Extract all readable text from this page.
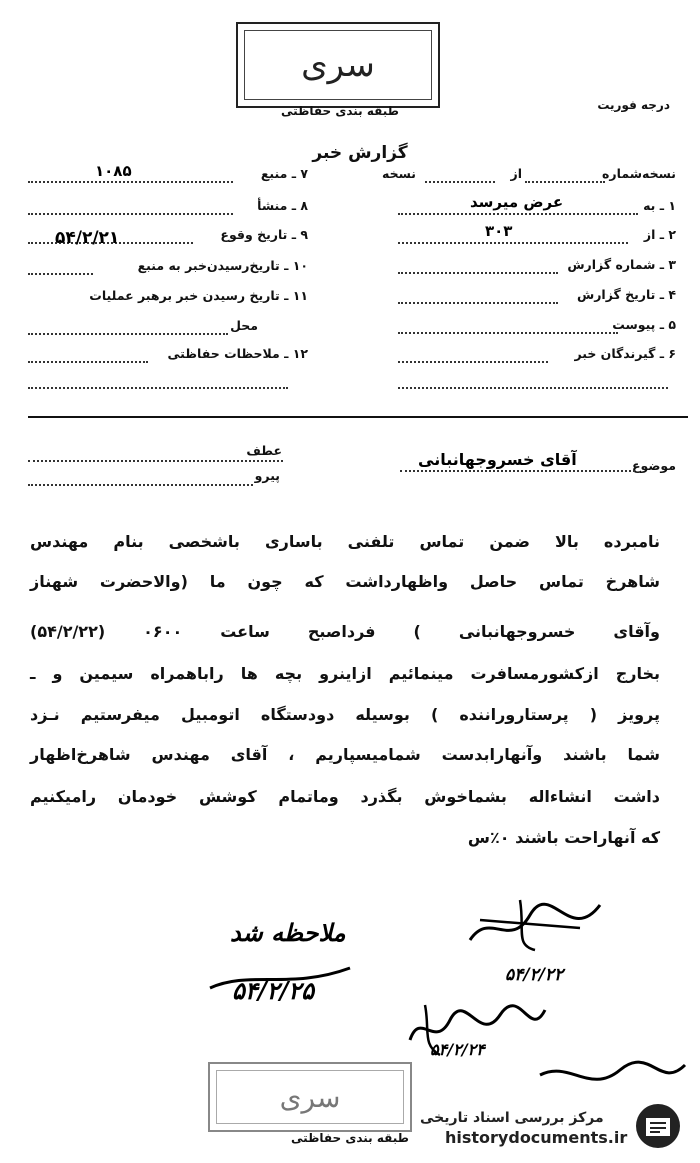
سری
طبقه بندی حفاظتی	درجه فوریت
گزارش خبر
نسخه‌شماره
از
نسخه
۱ ـ به
عرض میرسد
۲ ـ از
۳۰۳
۳ ـ شماره گزارش
۴ ـ تاریخ گزارش
۵ ـ پیوست
۶ ـ گیرندگان خبر
۷ ـ منبع
۱۰۸۵
۸ ـ منشأ
۹ ـ تاریخ وقوع
۵۴/۲/۲۱
۱۰ ـ تاریخ‌رسیدن‌خبر به منبع
۱۱ ـ تاریخ رسیدن خبر برهبر عملیات
محل
۱۲ ـ ملاحظات حفاظتی
عطف
پیرو
موضوع
آقای خسروجهانبانی
نامبرده بالا ضمن تماس تلفنی باساری باشخصی بنام مهندس
شاهرخ تماس حاصل واظهارداشت که چون ما (والاحضرت شهناز
وآقای خسروجهانبانی ) فرداصبح ساعت ۰۶۰۰ (۵۴/۲/۲۲)
بخارج ازکشورمسافرت مینمائیم ازاینرو بچه ها راباهمراه سیمین و ـ
پرویز ( پرستاروراننده ) بوسیله دودستگاه اتومبیل میفرستیم نـزد
شما باشند وآنهارابدست شمامیسپاریم ، آقای مهندس شاهرخ‌اظهار
داشت انشاءاله بشماخوش بگذرد وماتمام کوشش خودمان رامیکنیم
که آنهاراحت باشند ۰٪س
ملاحظه شد
۵۴/۲/۲۵
۵۴/۲/۲۲
۵۴/۲/۲۴
سری
طبقه بندی حفاظتی
مرکز بررسی اسناد تاریخی
historydocuments.ir
